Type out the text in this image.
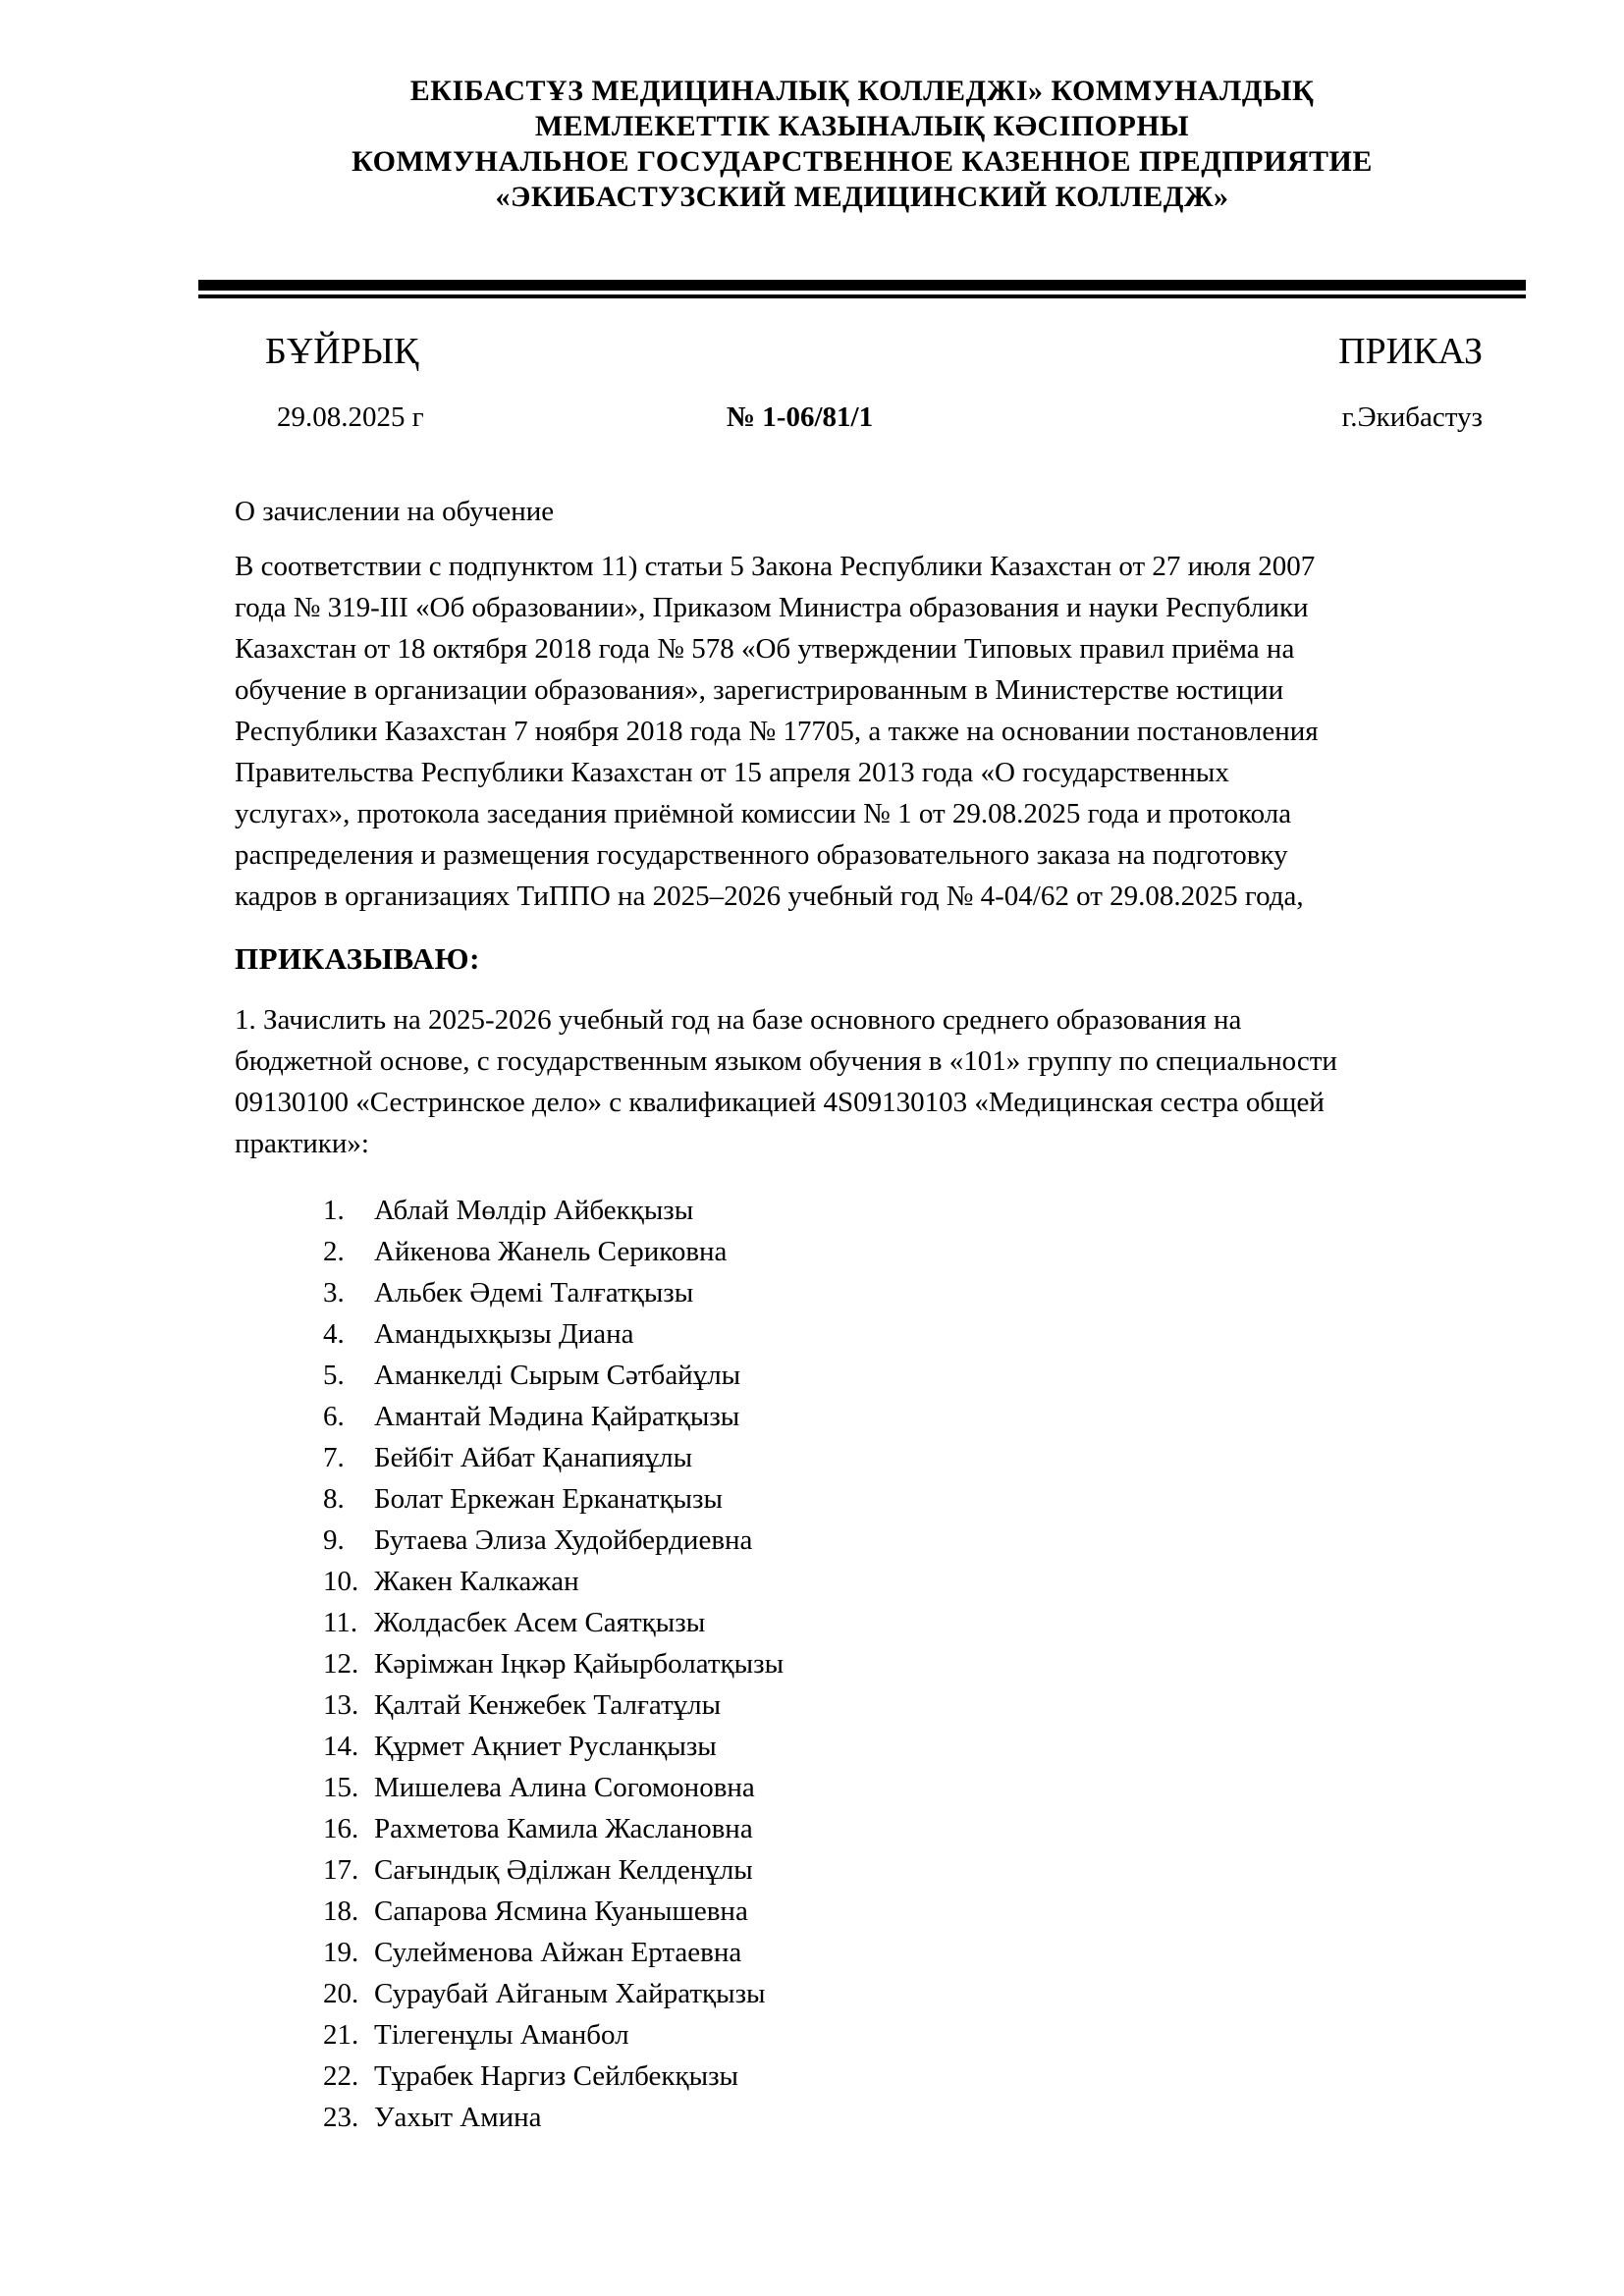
ЕКІБАСТҰЗ МЕДИЦИНАЛЫҚ КОЛЛЕДЖІ» КОММУНАЛДЫҚ
МЕМЛЕКЕТТІК КАЗЫНАЛЫҚ КӘСІПОРНЫ
КОММУНАЛЬНОЕ ГОСУДАРСТВЕННОЕ КАЗЕННОЕ ПРЕДПРИЯТИЕ
«ЭКИБАСТУЗСКИЙ МЕДИЦИНСКИЙ КОЛЛЕДЖ»
БҰЙРЫҚ	ПРИКАЗ
29.08.2025 г	№ 1-06/81/1	г.Экибастуз
О зачислении на обучение
В соответствии с подпунктом 11) статьи 5 Закона Республики Казахстан от 27 июля 2007
года № 319-III «Об образовании», Приказом Министра образования и науки Республики
Казахстан от 18 октября 2018 года № 578 «Об утверждении Типовых правил приёма на
обучение в организации образования», зарегистрированным в Министерстве юстиции
Республики Казахстан 7 ноября 2018 года № 17705, а также на основании постановления
Правительства Республики Казахстан от 15 апреля 2013 года «О государственных
услугах», протокола заседания приёмной комиссии № 1 от 29.08.2025 года и протокола
распределения и размещения государственного образовательного заказа на подготовку
кадров в организациях ТиППО на 2025–2026 учебный год № 4-04/62 от 29.08.2025 года,
ПРИКАЗЫВАЮ:
1. Зачислить на 2025-2026 учебный год на базе основного среднего образования на
бюджетной основе, с государственным языком обучения в «101» группу по специальности
09130100 «Сестринское дело» с квалификацией 4S09130103 «Медицинская сестра общей
практики»:
1.	Аблай Мөлдір Айбекқызы
2.	Айкенова Жанель Сериковна
3.	Альбек Әдемі Талғатқызы
4.	Амандыхқызы Диана
5.	Аманкелді Сырым Сәтбайұлы
6.	Амантай Мәдина Қайратқызы
7.	Бейбіт Айбат Қанапияұлы
8.	Болат Еркежан Ерканатқызы
9.	Бутаева Элиза Худойбердиевна
10. Жакен Калкажан
11. Жолдасбек Асем Саятқызы
12. Кәрімжан Іңкәр Қайырболатқызы
13. Қалтай Кенжебек Талғатұлы
14. Құрмет Ақниет Русланқызы
15. Мишелева Алина Согомоновна
16. Рахметова Камила Жаслановна
17. Сағындық Әділжан Келденұлы
18. Сапарова Ясмина Куанышевна
19. Сулейменова Айжан Ертаевна
20. Сураубай Айганым Хайратқызы
21. Тілегенұлы Аманбол
22. Тұрабек Наргиз Сейлбекқызы
23. Уахыт Амина
